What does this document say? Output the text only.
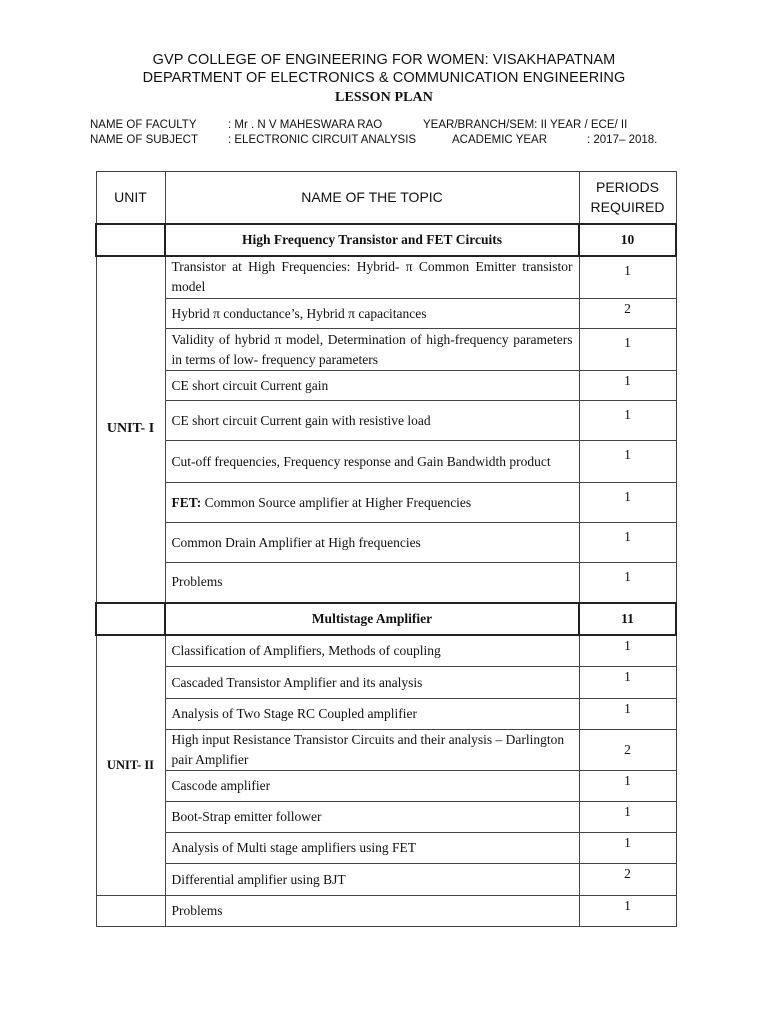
GVP COLLEGE OF ENGINEERING FOR WOMEN: VISAKHAPATNAM
DEPARTMENT OF ELECTRONICS & COMMUNICATION ENGINEERING
LESSON PLAN

NAME OF FACULTY

	: Mr . N V MAHESWARA RAO

	YEAR/BRANCH/SEM: II YEAR / ECE/ II

NAME OF SUBJECT

	: ELECTRONIC CIRCUIT ANALYSIS

	ACADEMIC YEAR

	: 2017– 2018.

UNIT	NAME OF THE TOPIC	PERIODS REQUIRED
	High Frequency Transistor and FET Circuits	10
UNIT- I	Transistor at High Frequencies: Hybrid- π Common Emitter transistor model	1
	Hybrid π conductance’s, Hybrid π capacitances	2
	Validity of hybrid π model, Determination of high-frequency parameters in terms of low- frequency parameters	1
	CE short circuit Current gain	1
	CE short circuit Current gain with resistive load	1
	Cut-off frequencies, Frequency response and Gain Bandwidth product	1
	FET: Common Source amplifier at Higher Frequencies	1
	Common Drain Amplifier at High frequencies	1
	Problems	1
	Multistage Amplifier	11
UNIT- II	Classification of Amplifiers, Methods of coupling	1
	Cascaded Transistor Amplifier and its analysis	1
	Analysis of Two Stage RC Coupled amplifier	1
	High input Resistance Transistor Circuits and their analysis – Darlington pair Amplifier	2
	Cascode amplifier	1
	Boot-Strap emitter follower	1
	Analysis of Multi stage amplifiers using FET	1
	Differential amplifier using BJT	2
	Problems	1
